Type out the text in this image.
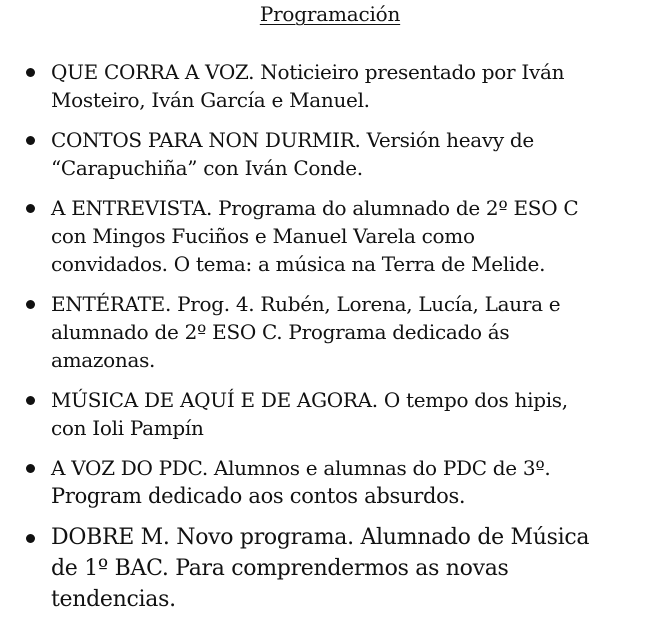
Programación
QUE CORRA A VOZ. Noticieiro presentado por Iván
Mosteiro, Iván García e Manuel.
CONTOS PARA NON DURMIR. Versión heavy de
“Carapuchiña” con Iván Conde.
A ENTREVISTA. Programa do alumnado de 2º ESO C
con Mingos Fuciños e Manuel Varela como
convidados. O tema: a música na Terra de Melide.
ENTÉRATE. Prog. 4. Rubén, Lorena, Lucía, Laura e
alumnado de 2º ESO C. Programa dedicado ás
amazonas.
MÚSICA DE AQUÍ E DE AGORA. O tempo dos hipis,
con Ioli Pampín
A VOZ DO PDC. Alumnos e alumnas do PDC de 3º.
Program dedicado aos contos absurdos.
DOBRE M. Novo programa. Alumnado de Música
de 1º BAC. Para comprendermos as novas
tendencias.
